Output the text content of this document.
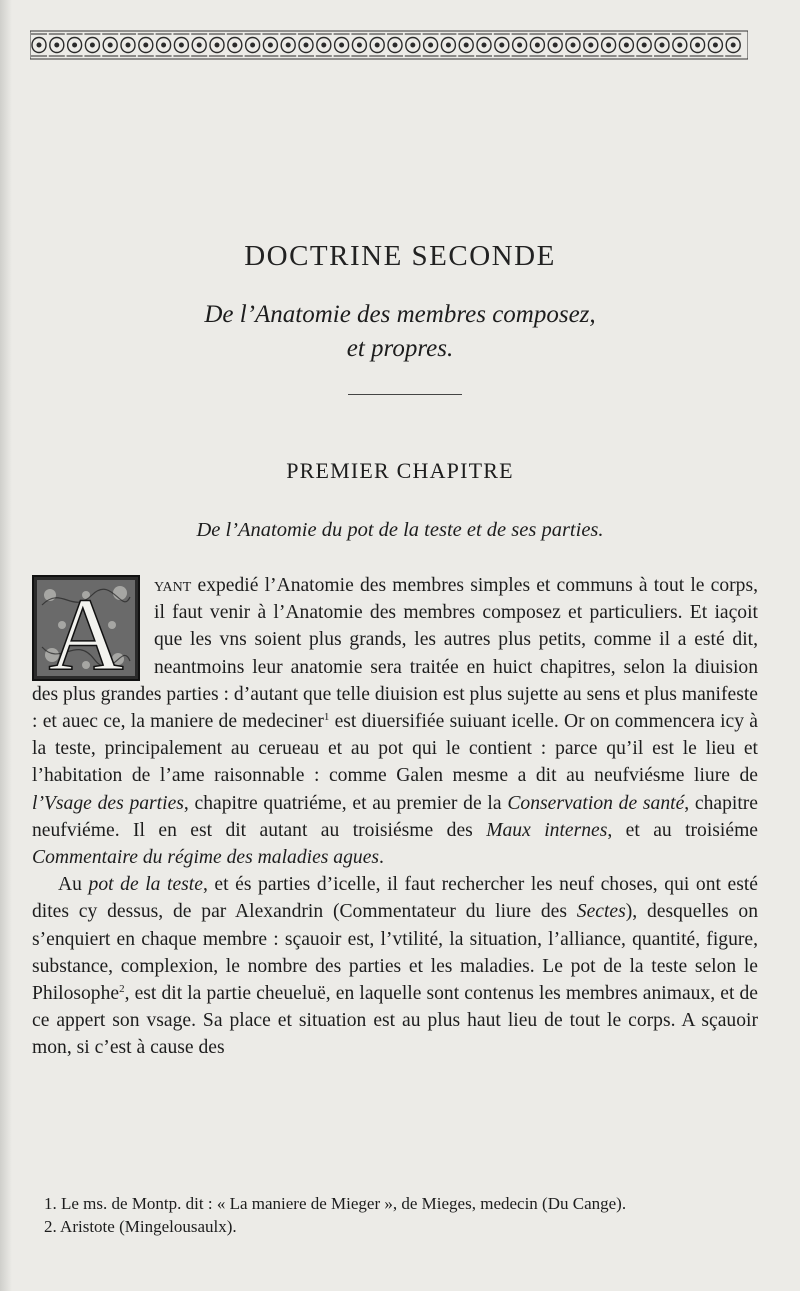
DOCTRINE SECONDE
De l’Anatomie des membres composez,
et propres.
PREMIER CHAPITRE
De l’Anatomie du pot de la teste et de ses parties.
A	yant expedié l’Anatomie des membres simples et communs à tout le corps, il faut venir à l’Anatomie des membres composez et particuliers. Et iaçoit que les vns soient plus grands, les autres plus petits, comme il a esté dit, neantmoins leur anatomie sera traitée en huict chapitres, selon la diuision des plus grandes parties : d’autant que telle diuision est plus sujette au sens et plus manifeste : et auec ce, la maniere de medeciner$^1$ est diuersifiée suiuant icelle. Or on commencera icy à la teste, principalement au cerueau et au pot qui le contient : parce qu’il est le lieu et l’habitation de l’ame raisonnable : comme Galen mesme a dit au neufviésme liure de l’Vsage des parties, chapitre quatriéme, et au premier de la Conservation de santé, chapitre neufviéme. Il en est dit autant au troisiésme des Maux internes, et au troisiéme Commentaire du régime des maladies agues.

Au pot de la teste, et és parties d’icelle, il faut rechercher les neuf choses, qui ont esté dites cy dessus, de par Alexandrin (Commentateur du liure des Sectes), desquelles on s’enquiert en chaque membre : sçauoir est, l’vtilité, la situation, l’alliance, quantité, figure, substance, complexion, le nombre des parties et les maladies. Le pot de la teste selon le Philosophe$^2$, est dit la partie cheueluë, en laquelle sont contenus les membres animaux, et de ce appert son vsage. Sa place et situation est au plus haut lieu de tout le corps. A sçauoir mon, si c’est à cause des

1. Le ms. de Montp. dit : « La maniere de Mieger », de Mieges, medecin (Du Cange).

2. Aristote (Mingelousaulx).
